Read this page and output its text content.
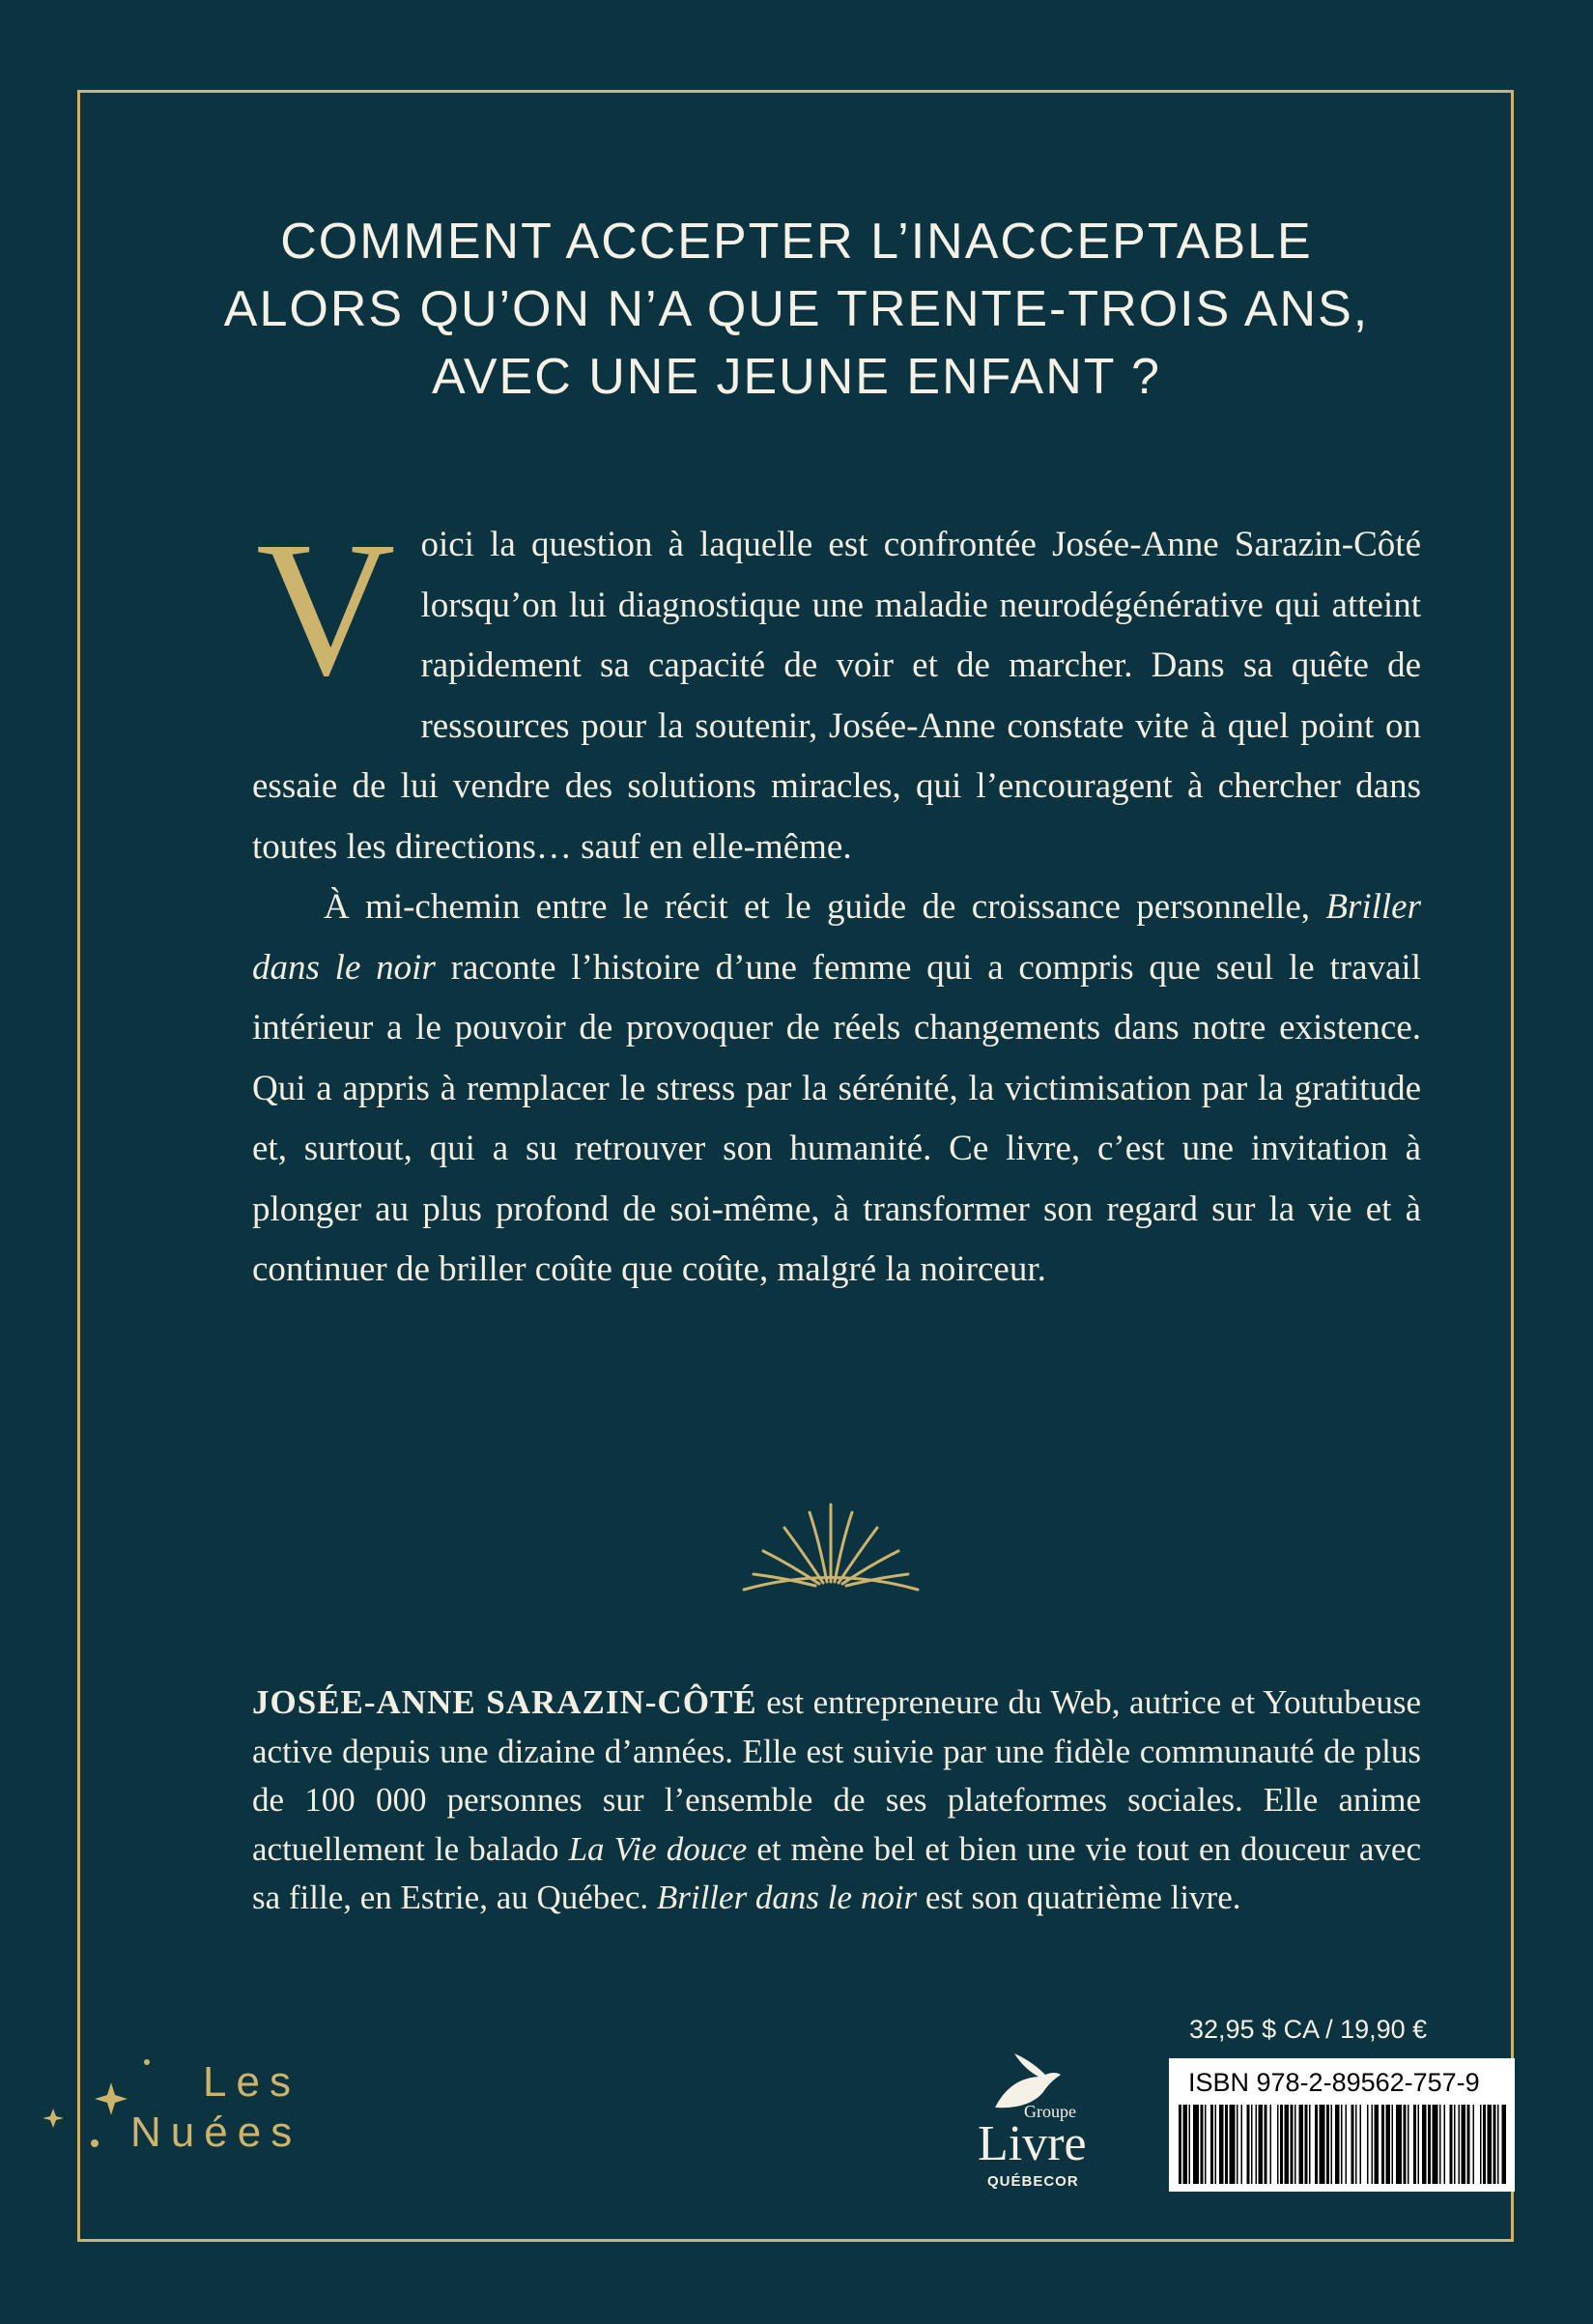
COMMENT ACCEPTER L’INACCEPTABLE
ALORS QU’ON N’A QUE TRENTE-TROIS ANS,
AVEC UNE JEUNE ENFANT ?
V oici la question à laquelle est confrontée Josée-Anne Sarazin-Côté lorsqu’on lui diagnostique une maladie neurodégénérative qui atteint rapidement sa capacité de voir et de marcher. Dans sa quête de ressources pour la soutenir, Josée-Anne constate vite à quel point on essaie de lui vendre des solutions miracles, qui l’encouragent à chercher dans toutes les directions… sauf en elle-même.

À mi-chemin entre le récit et le guide de croissance personnelle, Briller dans le noir raconte l’histoire d’une femme qui a compris que seul le travail intérieur a le pouvoir de provoquer de réels changements dans notre existence. Qui a appris à remplacer le stress par la sérénité, la victimisation par la gratitude et, surtout, qui a su retrouver son humanité. Ce livre, c’est une invitation à plonger au plus profond de soi-même, à transformer son regard sur la vie et à continuer de briller coûte que coûte, malgré la noirceur.

JOSÉE-ANNE SARAZIN-CÔTÉ est entrepreneure du Web, autrice et Youtubeuse active depuis une dizaine d’années. Elle est suivie par une fidèle communauté de plus de 100 000 personnes sur l’ensemble de ses plateformes sociales. Elle anime actuellement le balado La Vie douce et mène bel et bien une vie tout en douceur avec sa fille, en Estrie, au Québec. Briller dans le noir est son quatrième livre.

Les
Nuées	Groupe
Livre
QUÉBECOR
32,95 $ CA / 19,90 €
ISBN 978-2-89562-757-9
